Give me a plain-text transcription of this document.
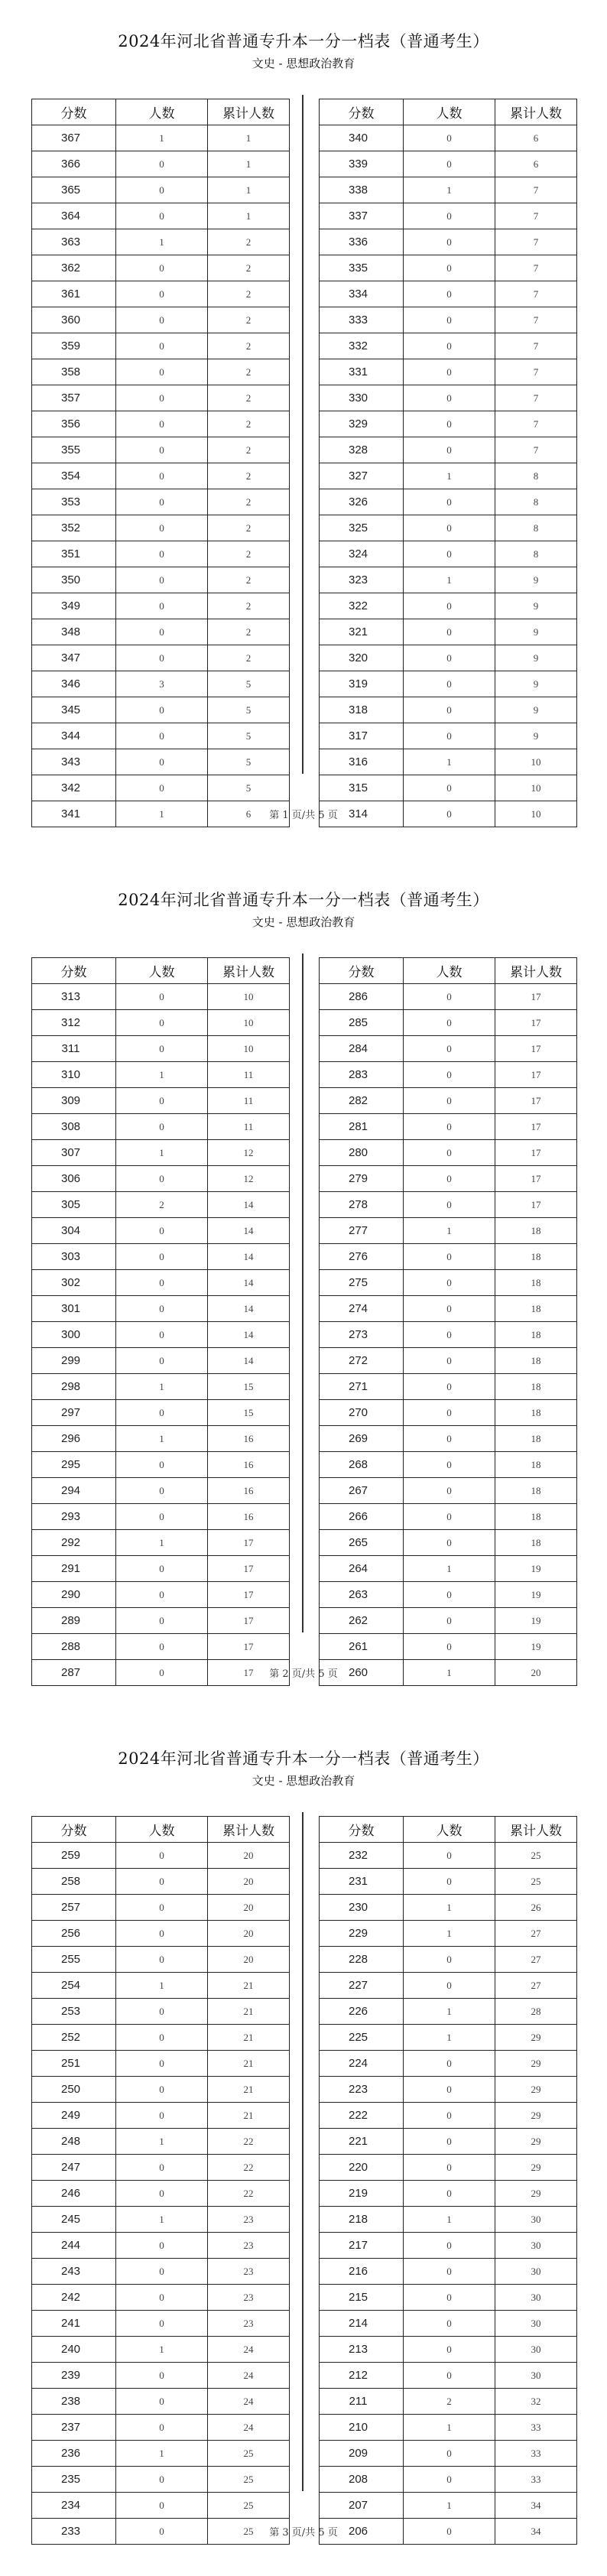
2024年河北省普通专升本一分一档表（普通考生）
文史 - 思想政治教育
第 1 页/共 5 页
分数	人数	累计人数
367	1	1
366	0	1
365	0	1
364	0	1
363	1	2
362	0	2
361	0	2
360	0	2
359	0	2
358	0	2
357	0	2
356	0	2
355	0	2
354	0	2
353	0	2
352	0	2
351	0	2
350	0	2
349	0	2
348	0	2
347	0	2
346	3	5
345	0	5
344	0	5
343	0	5
342	0	5
341	1	6
分数	人数	累计人数
340	0	6
339	0	6
338	1	7
337	0	7
336	0	7
335	0	7
334	0	7
333	0	7
332	0	7
331	0	7
330	0	7
329	0	7
328	0	7
327	1	8
326	0	8
325	0	8
324	0	8
323	1	9
322	0	9
321	0	9
320	0	9
319	0	9
318	0	9
317	0	9
316	1	10
315	0	10
314	0	10
2024年河北省普通专升本一分一档表（普通考生）
文史 - 思想政治教育
第 2 页/共 5 页
分数	人数	累计人数
313	0	10
312	0	10
311	0	10
310	1	11
309	0	11
308	0	11
307	1	12
306	0	12
305	2	14
304	0	14
303	0	14
302	0	14
301	0	14
300	0	14
299	0	14
298	1	15
297	0	15
296	1	16
295	0	16
294	0	16
293	0	16
292	1	17
291	0	17
290	0	17
289	0	17
288	0	17
287	0	17
分数	人数	累计人数
286	0	17
285	0	17
284	0	17
283	0	17
282	0	17
281	0	17
280	0	17
279	0	17
278	0	17
277	1	18
276	0	18
275	0	18
274	0	18
273	0	18
272	0	18
271	0	18
270	0	18
269	0	18
268	0	18
267	0	18
266	0	18
265	0	18
264	1	19
263	0	19
262	0	19
261	0	19
260	1	20
2024年河北省普通专升本一分一档表（普通考生）
文史 - 思想政治教育
第 3 页/共 5 页
分数	人数	累计人数
259	0	20
258	0	20
257	0	20
256	0	20
255	0	20
254	1	21
253	0	21
252	0	21
251	0	21
250	0	21
249	0	21
248	1	22
247	0	22
246	0	22
245	1	23
244	0	23
243	0	23
242	0	23
241	0	23
240	1	24
239	0	24
238	0	24
237	0	24
236	1	25
235	0	25
234	0	25
233	0	25
分数	人数	累计人数
232	0	25
231	0	25
230	1	26
229	1	27
228	0	27
227	0	27
226	1	28
225	1	29
224	0	29
223	0	29
222	0	29
221	0	29
220	0	29
219	0	29
218	1	30
217	0	30
216	0	30
215	0	30
214	0	30
213	0	30
212	0	30
211	2	32
210	1	33
209	0	33
208	0	33
207	1	34
206	0	34
